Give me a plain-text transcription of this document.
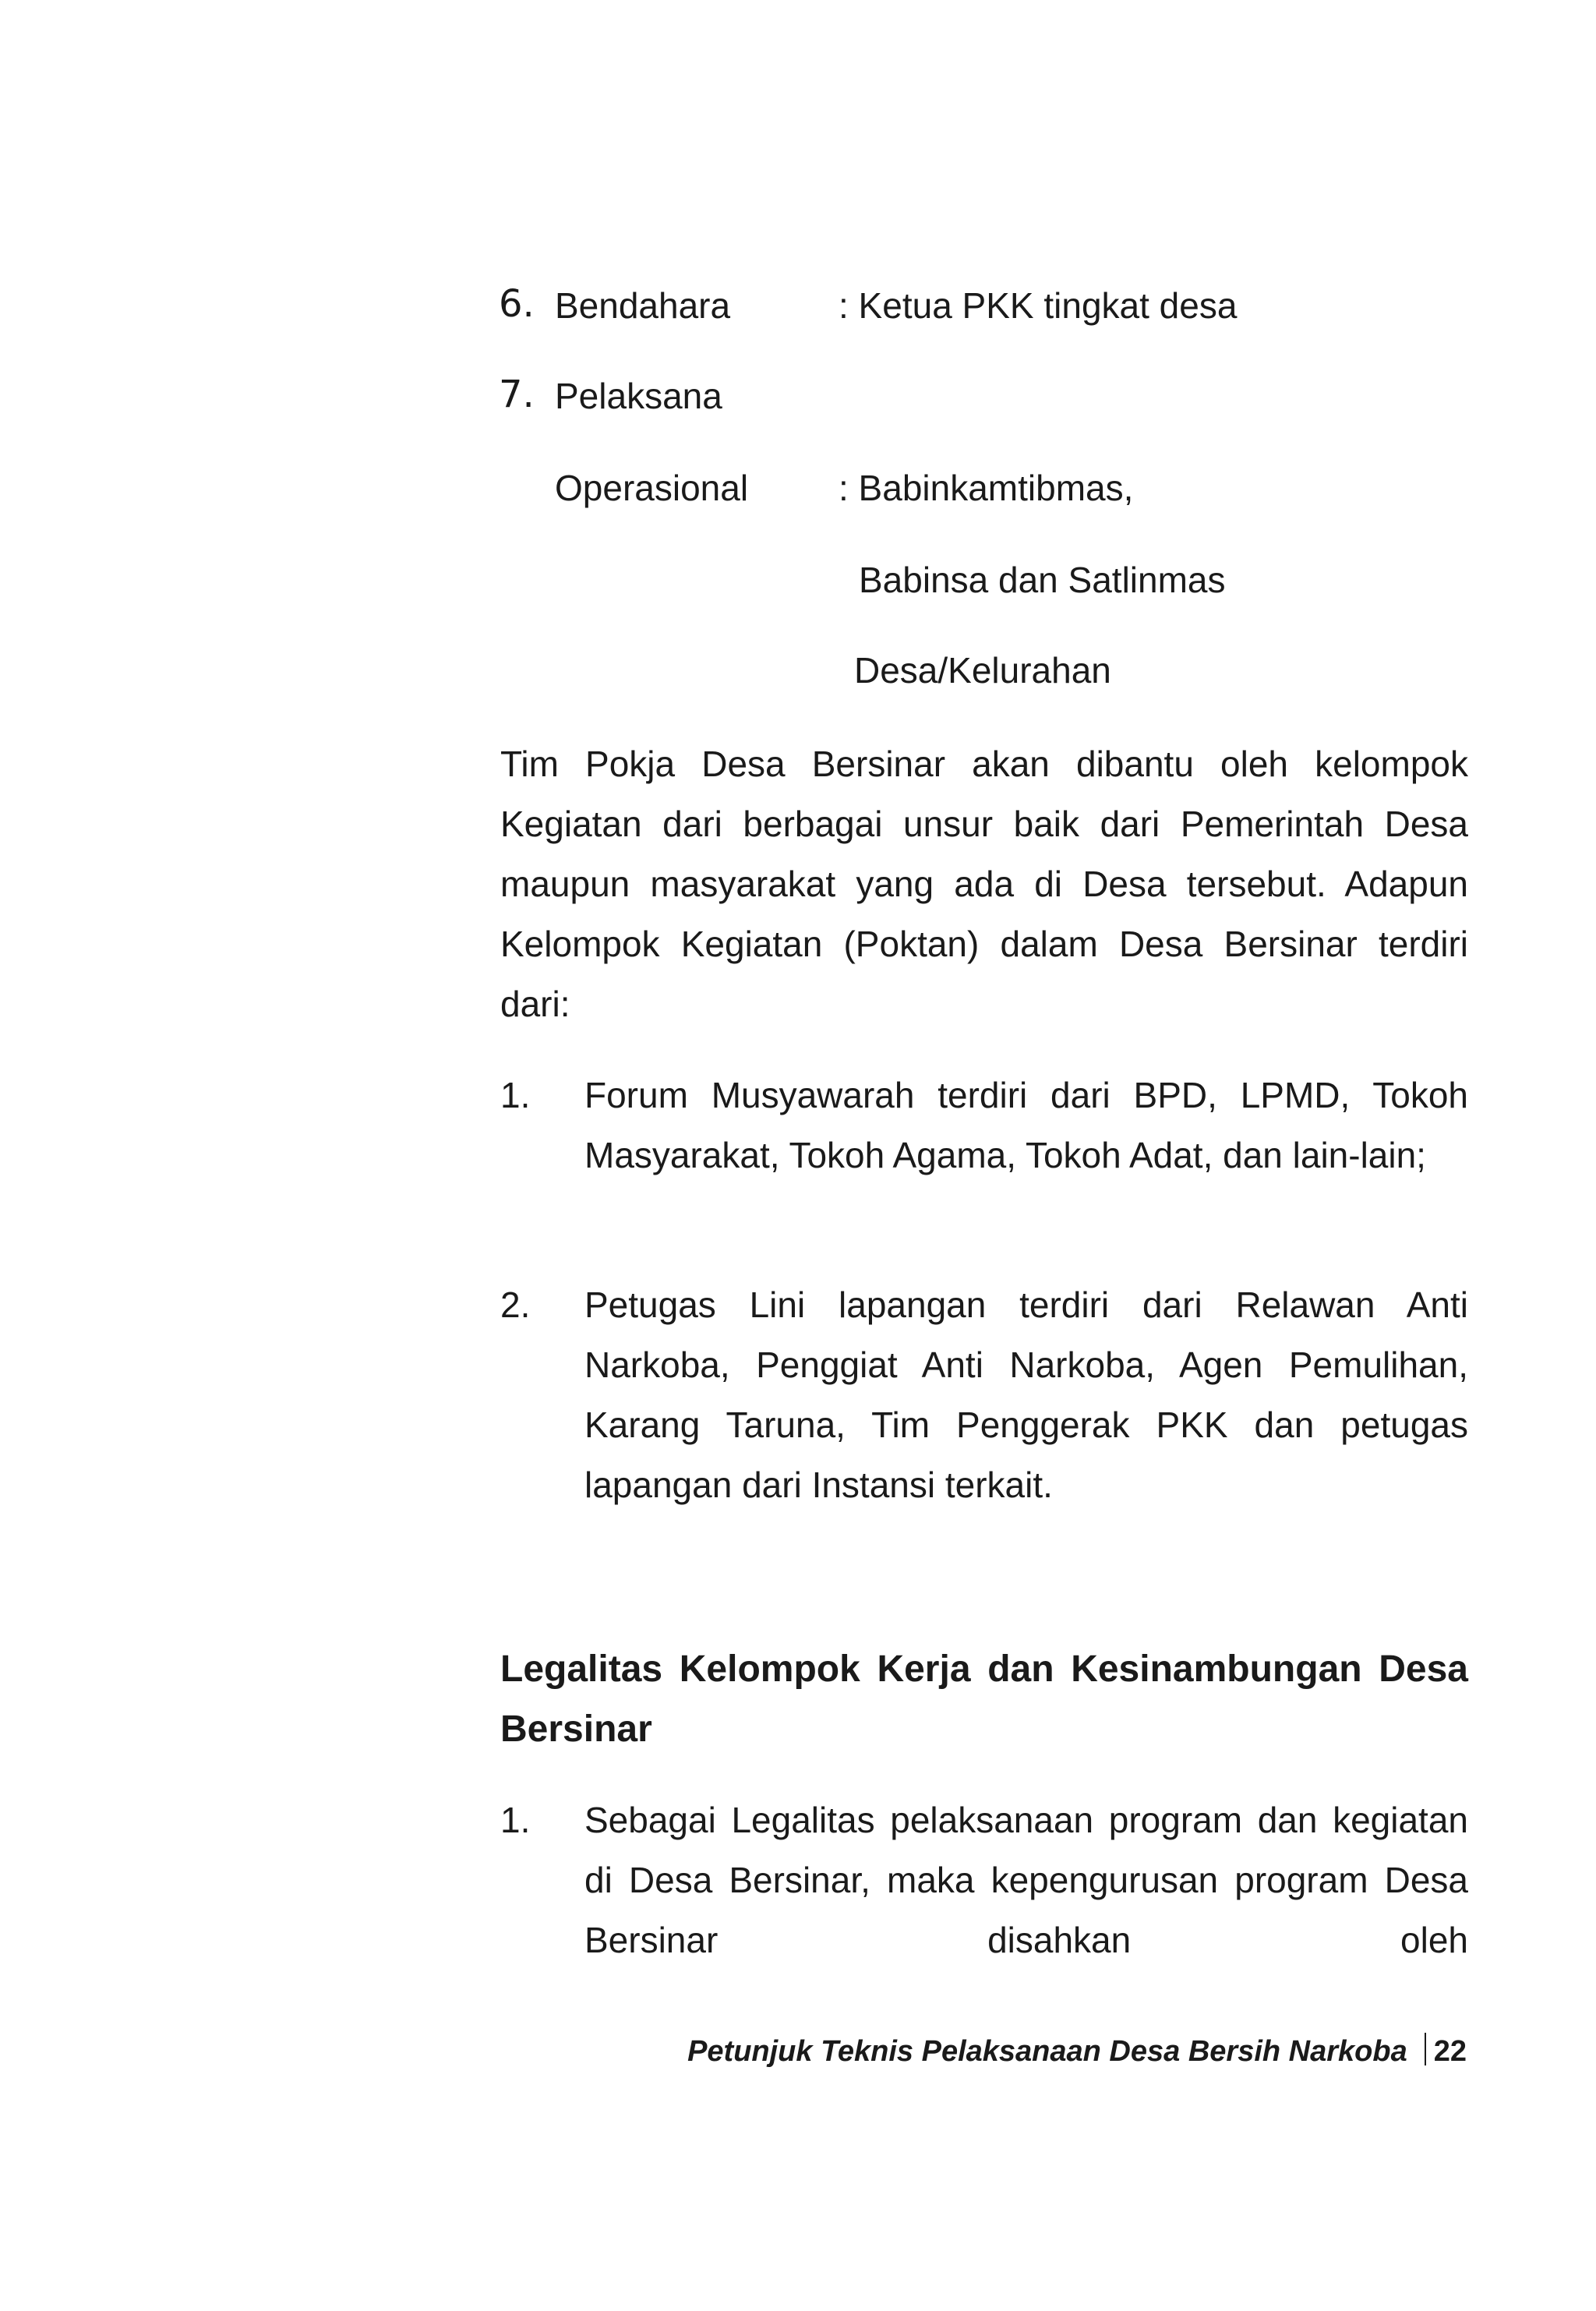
6. Bendahara	: Ketua PKK tingkat desa
7. Pelaksana
Operasional	: Babinkamtibmas,
Babinsa dan Satlinmas
Desa/Kelurahan

Tim Pokja Desa Bersinar akan dibantu oleh kelompok Kegiatan dari berbagai unsur baik dari Pemerintah Desa maupun masyarakat yang ada di Desa tersebut. Adapun Kelompok Kegiatan (Poktan) dalam Desa Bersinar terdiri dari:

1. Forum Musyawarah terdiri dari BPD, LPMD, Tokoh Masyarakat, Tokoh Agama, Tokoh Adat, dan lain-lain;

2. Petugas Lini lapangan terdiri dari Relawan Anti Narkoba, Penggiat Anti Narkoba, Agen Pemulihan, Karang Taruna, Tim Penggerak PKK dan petugas lapangan dari Instansi terkait.

Legalitas Kelompok Kerja dan Kesinambungan Desa Bersinar
1. Sebagai Legalitas pelaksanaan program dan kegiatan di Desa Bersinar, maka kepengurusan program Desa Bersinar disahkan oleh

Petunjuk Teknis Pelaksanaan Desa Bersih Narkoba 22
